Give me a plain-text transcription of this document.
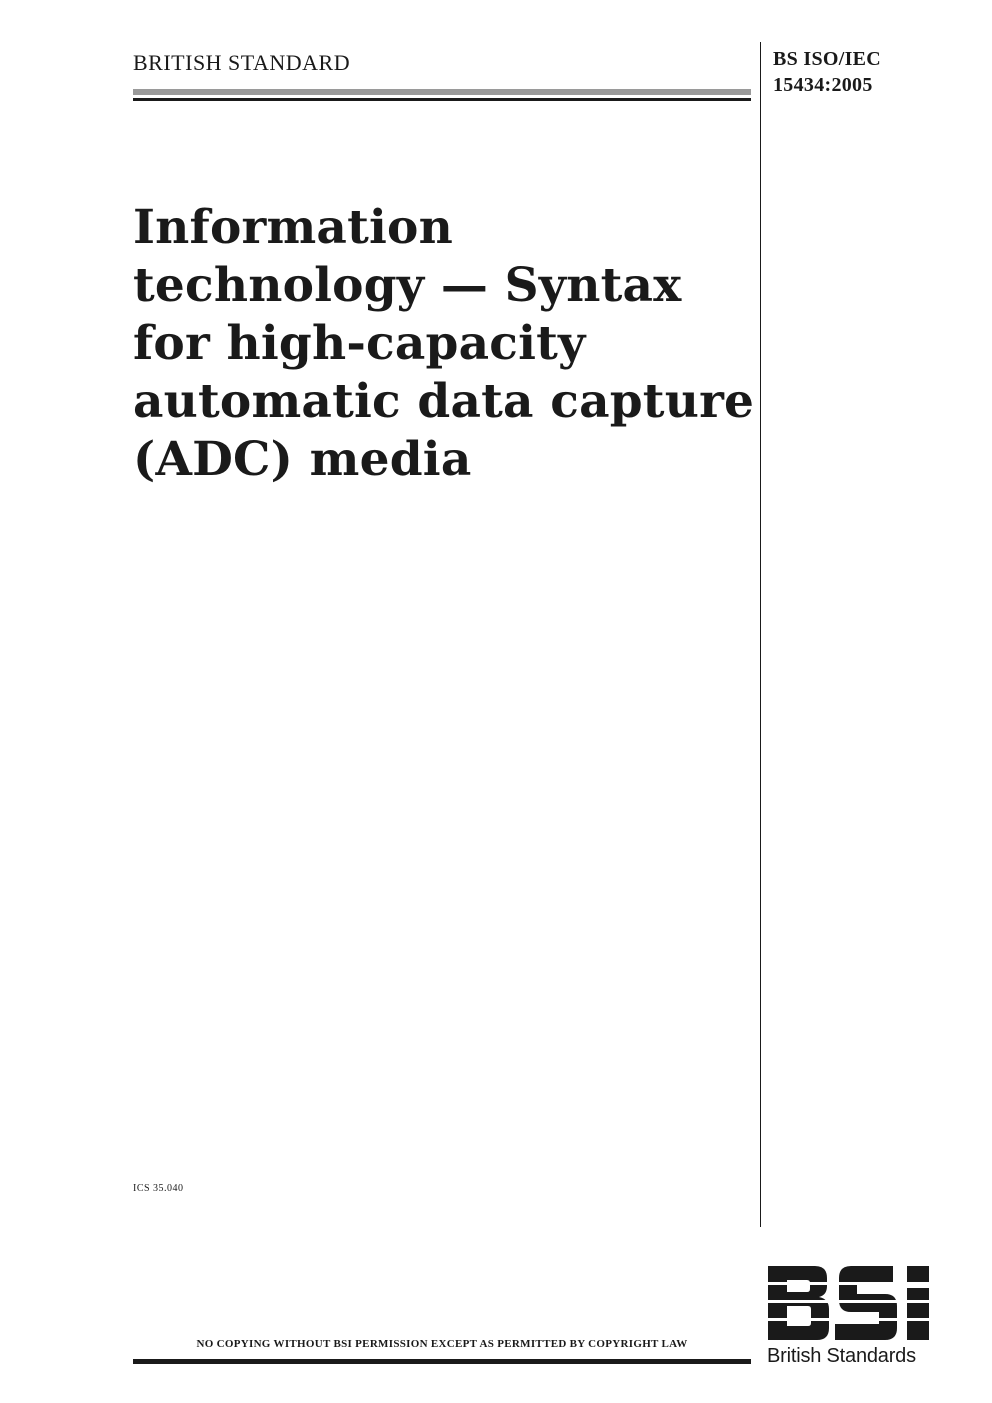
BRITISH STANDARD	BS ISO/IEC
15434:2005
Information
technology — Syntax
for high-capacity
automatic data capture
(ADC) media
ICS 35.040
NO COPYING WITHOUT BSI PERMISSION EXCEPT AS PERMITTED BY COPYRIGHT LAW
BSi
British Standards
